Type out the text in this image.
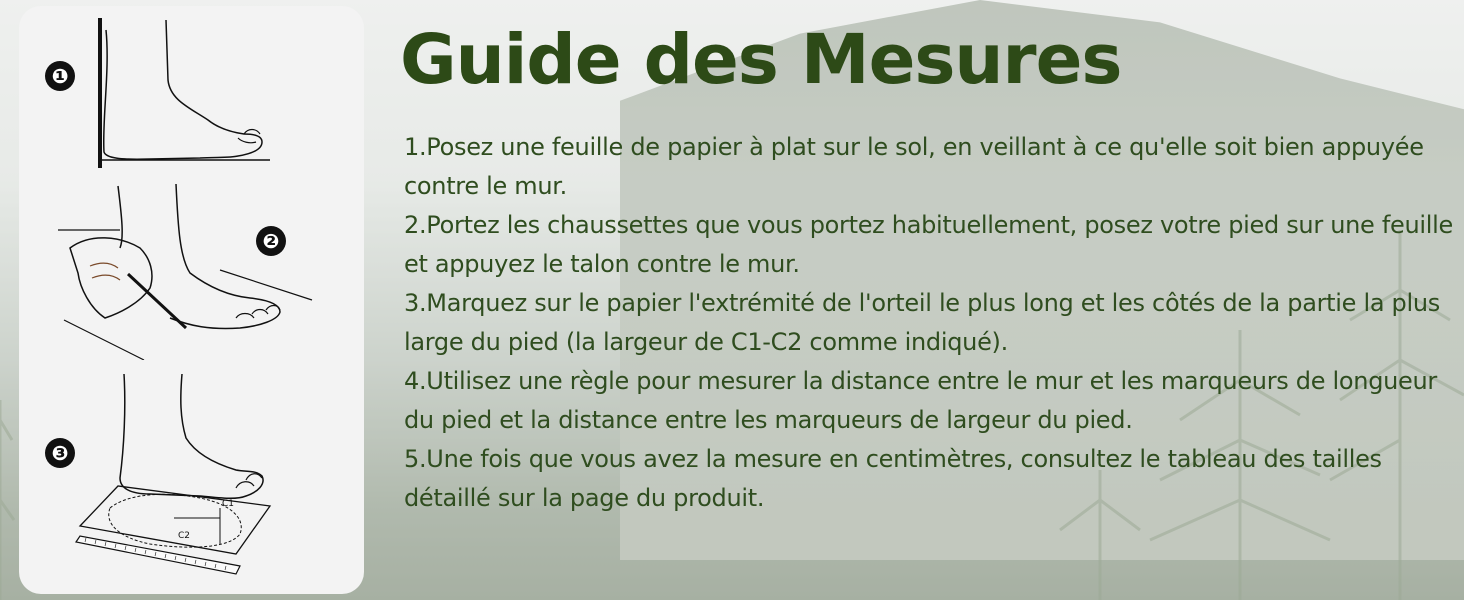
❶
❷
C1
C2
❸
Guide des Mesures

1.Posez une feuille de papier à plat sur le sol, en veillant à ce qu'elle soit bien appuyée contre le mur.

2.Portez les chaussettes que vous portez habituellement, posez votre pied sur une feuille et appuyez le talon contre le mur.

3.Marquez sur le papier l'extrémité de l'orteil le plus long et les côtés de la partie la plus large du pied (la largeur de C1-C2 comme indiqué).

4.Utilisez une règle pour mesurer la distance entre le mur et les marqueurs de longueur du pied et la distance entre les marqueurs de largeur du pied.

5.Une fois que vous avez la mesure en centimètres, consultez le tableau des tailles détaillé sur la page du produit.
